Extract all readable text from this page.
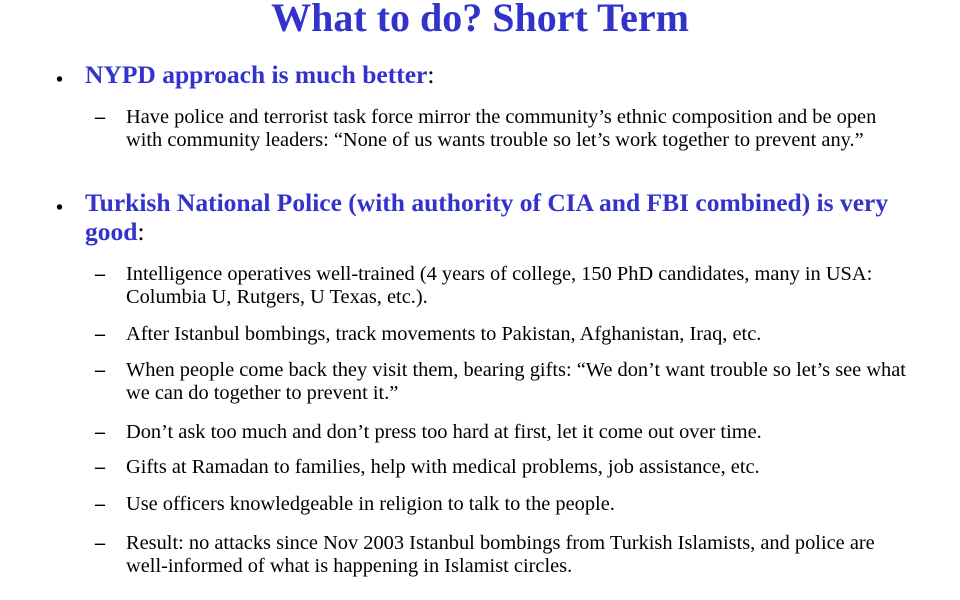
What to do? Short Term
• NYPD approach is much better:
– Have police and terrorist task force mirror the community’s ethnic composition and be open with community leaders: “None of us wants trouble so let’s work together to prevent any.”
• Turkish National Police (with authority of CIA and FBI combined) is very good:
– Intelligence operatives well-trained (4 years of college, 150 PhD candidates, many in USA: Columbia U, Rutgers, U Texas, etc.).
– After Istanbul bombings, track movements to Pakistan, Afghanistan, Iraq, etc.
– When people come back they visit them, bearing gifts: “We don’t want trouble so let’s see what we can do together to prevent it.”
– Don’t ask too much and don’t press too hard at first, let it come out over time.
– Gifts at Ramadan to families, help with medical problems, job assistance, etc.
– Use officers knowledgeable in religion to talk to the people.
– Result: no attacks since Nov 2003 Istanbul bombings from Turkish Islamists, and police are well-informed of what is happening in Islamist circles.
